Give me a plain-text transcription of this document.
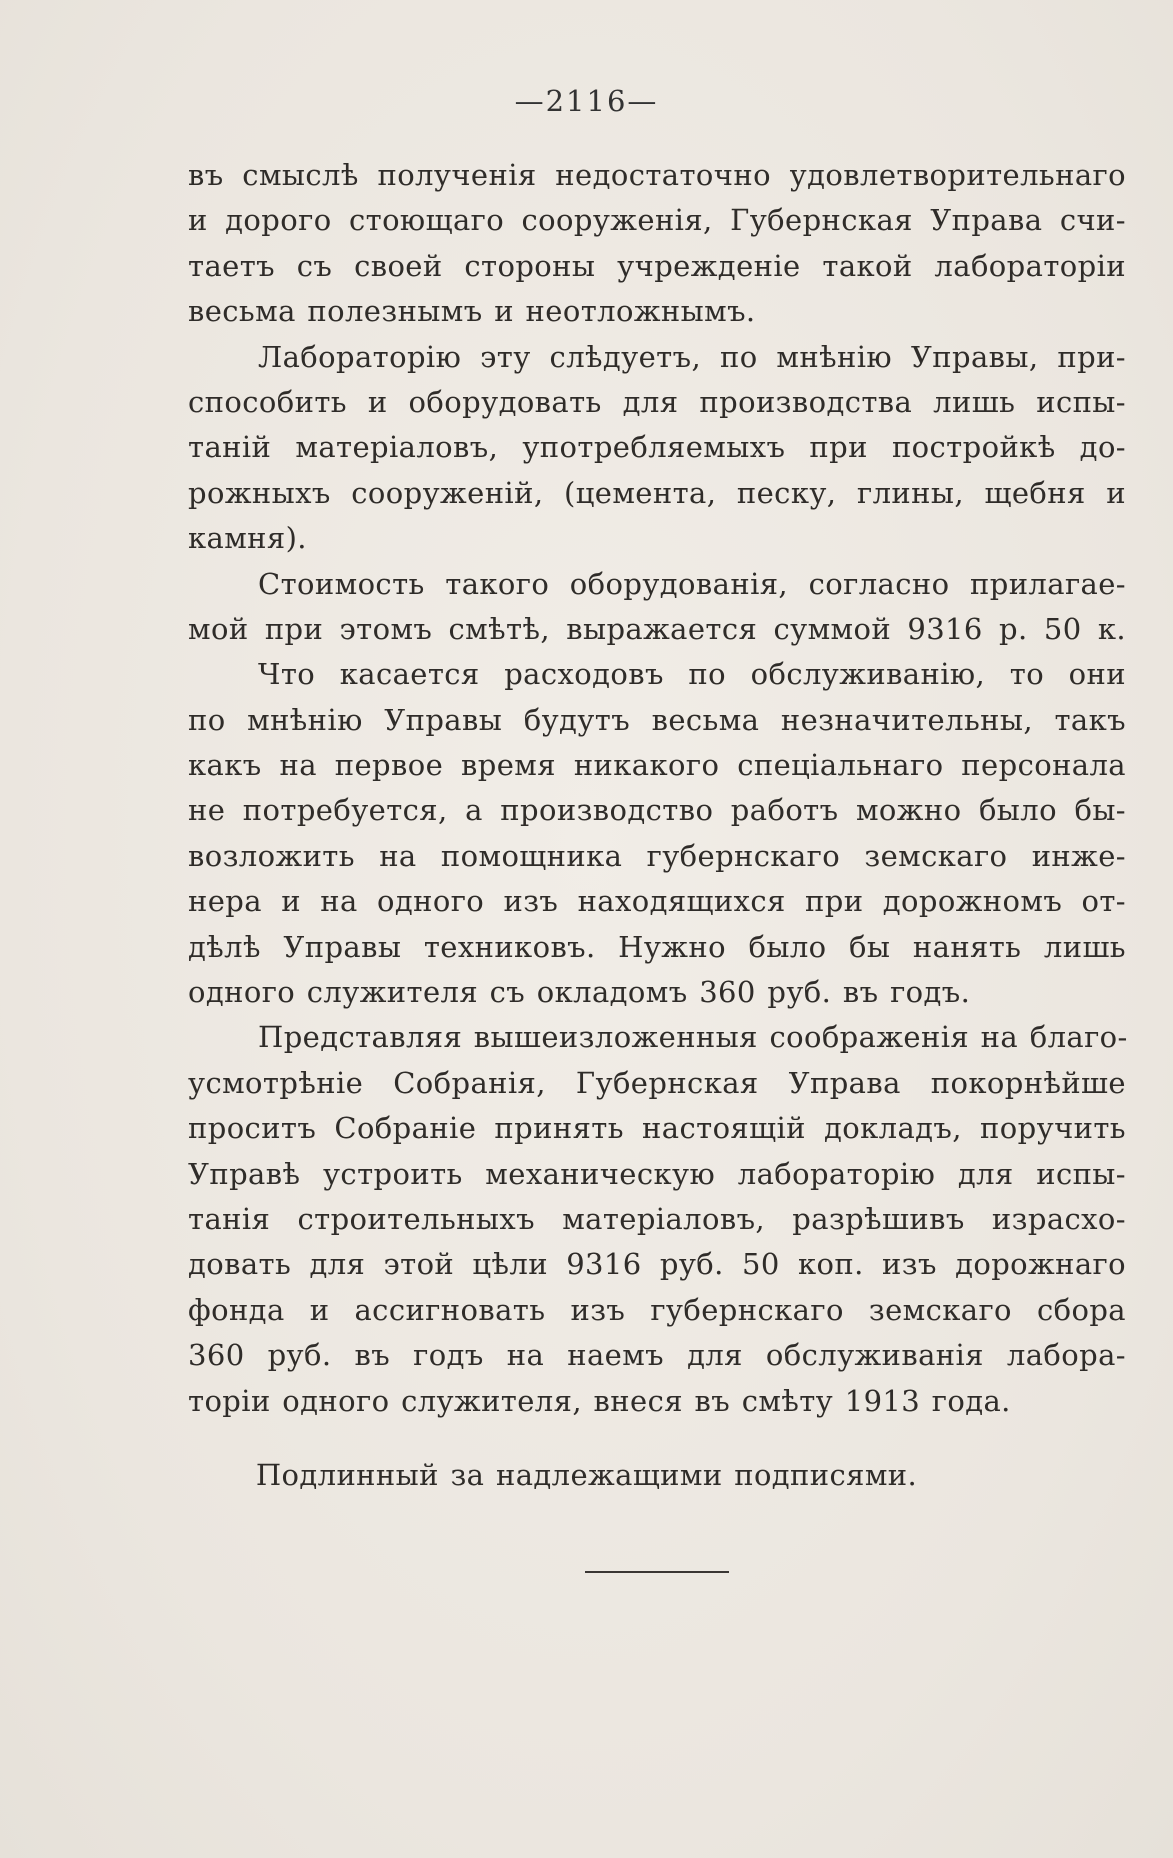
—2116—

въ смыслѣ полученія недостаточно удовлетворительнаго
и дорого стоющаго сооруженія, Губернская Управа счи-
таетъ съ своей стороны учрежденіе такой лабораторіи
весьма полезнымъ и неотложнымъ.

Лабораторію эту слѣдуетъ, по мнѣнію Управы, при-
способить и оборудовать для производства лишь испы-
таній матеріаловъ, употребляемыхъ при постройкѣ до-
рожныхъ сооруженій, (цемента, песку, глины, щебня и
камня).

Стоимость такого оборудованія, согласно прилагае-
мой при этомъ смѣтѣ, выражается суммой 9316 р. 50 к.

Что касается расходовъ по обслуживанію, то они
по мнѣнію Управы будутъ весьма незначительны, такъ
какъ на первое время никакого спеціальнаго персонала
не потребуется, а производство работъ можно было бы-
возложить на помощника губернскаго земскаго инже-
нера и на одного изъ находящихся при дорожномъ от-
дѣлѣ Управы техниковъ. Нужно было бы нанять лишь
одного служителя съ окладомъ 360 руб. въ годъ.

Представляя вышеизложенныя соображенія на благо-
усмотрѣніе Собранія, Губернская Управа покорнѣйше
проситъ Собраніе принять настоящій докладъ, поручить
Управѣ устроить механическую лабораторію для испы-
танія строительныхъ матеріаловъ, разрѣшивъ израсхо-
довать для этой цѣли 9316 руб. 50 коп. изъ дорожнаго
фонда и ассигновать изъ губернскаго земскаго сбора
360 руб. въ годъ на наемъ для обслуживанія лабора-
торіи одного служителя, внеся въ смѣту 1913 года.

Подлинный за надлежащими подписями.
